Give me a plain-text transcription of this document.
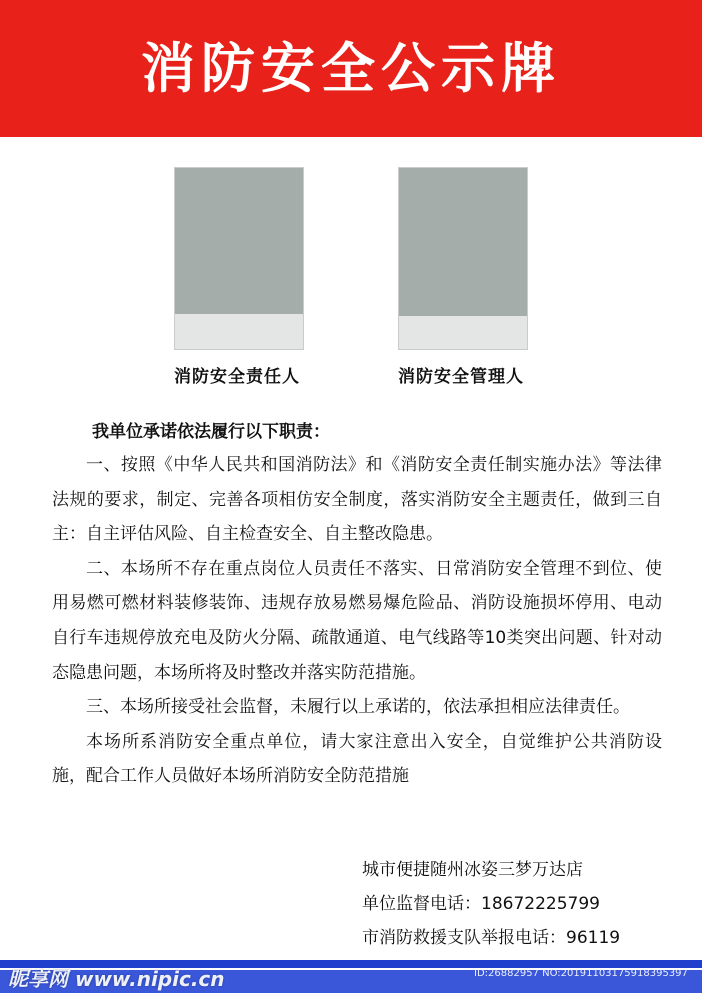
消防安全公示牌
消防安全责任人	消防安全管理人
我单位承诺依法履行以下职责：

一、按照《中华人民共和国消防法》和《消防安全责任制实施办法》等法律法规的要求，制定、完善各项相仿安全制度，落实消防安全主题责任，做到三自主：自主评估风险、自主检查安全、自主整改隐患。

二、本场所不存在重点岗位人员责任不落实、日常消防安全管理不到位、使用易燃可燃材料装修装饰、违规存放易燃易爆危险品、消防设施损坏停用、电动自行车违规停放充电及防火分隔、疏散通道、电气线路等10类突出问题、针对动态隐患问题，本场所将及时整改并落实防范措施。

三、本场所接受社会监督，未履行以上承诺的，依法承担相应法律责任。

本场所系消防安全重点单位，请大家注意出入安全，自觉维护公共消防设施，配合工作人员做好本场所消防安全防范措施

城市便捷随州冰姿三梦万达店
单位监督电话：18672225799
市消防救援支队举报电话：96119
昵享网 www.nipic.cn	ID:26882957 NO:20191103175918395397
